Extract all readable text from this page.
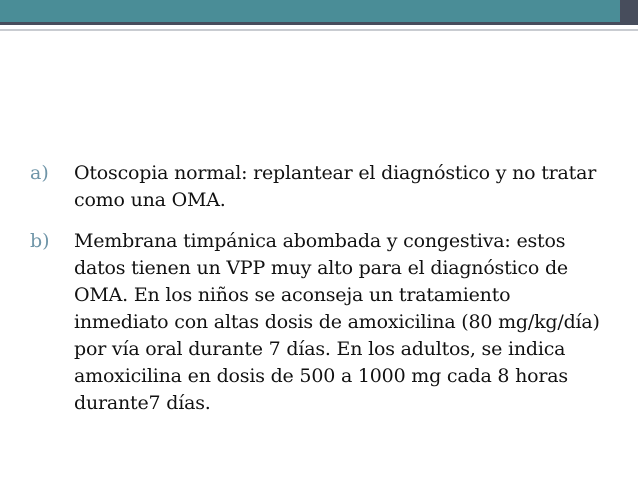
a)	Otoscopia normal: replantear el diagnóstico y no tratar como una OMA.
b)	Membrana timpánica abombada y congestiva: estos datos tienen un VPP muy alto para el diagnóstico de OMA. En los niños se aconseja un tratamiento inmediato con altas dosis de amoxicilina (80 mg/kg/día) por vía oral durante 7 días. En los adultos, se indica amoxicilina en dosis de 500 a 1000 mg cada 8 horas durante7 días.
